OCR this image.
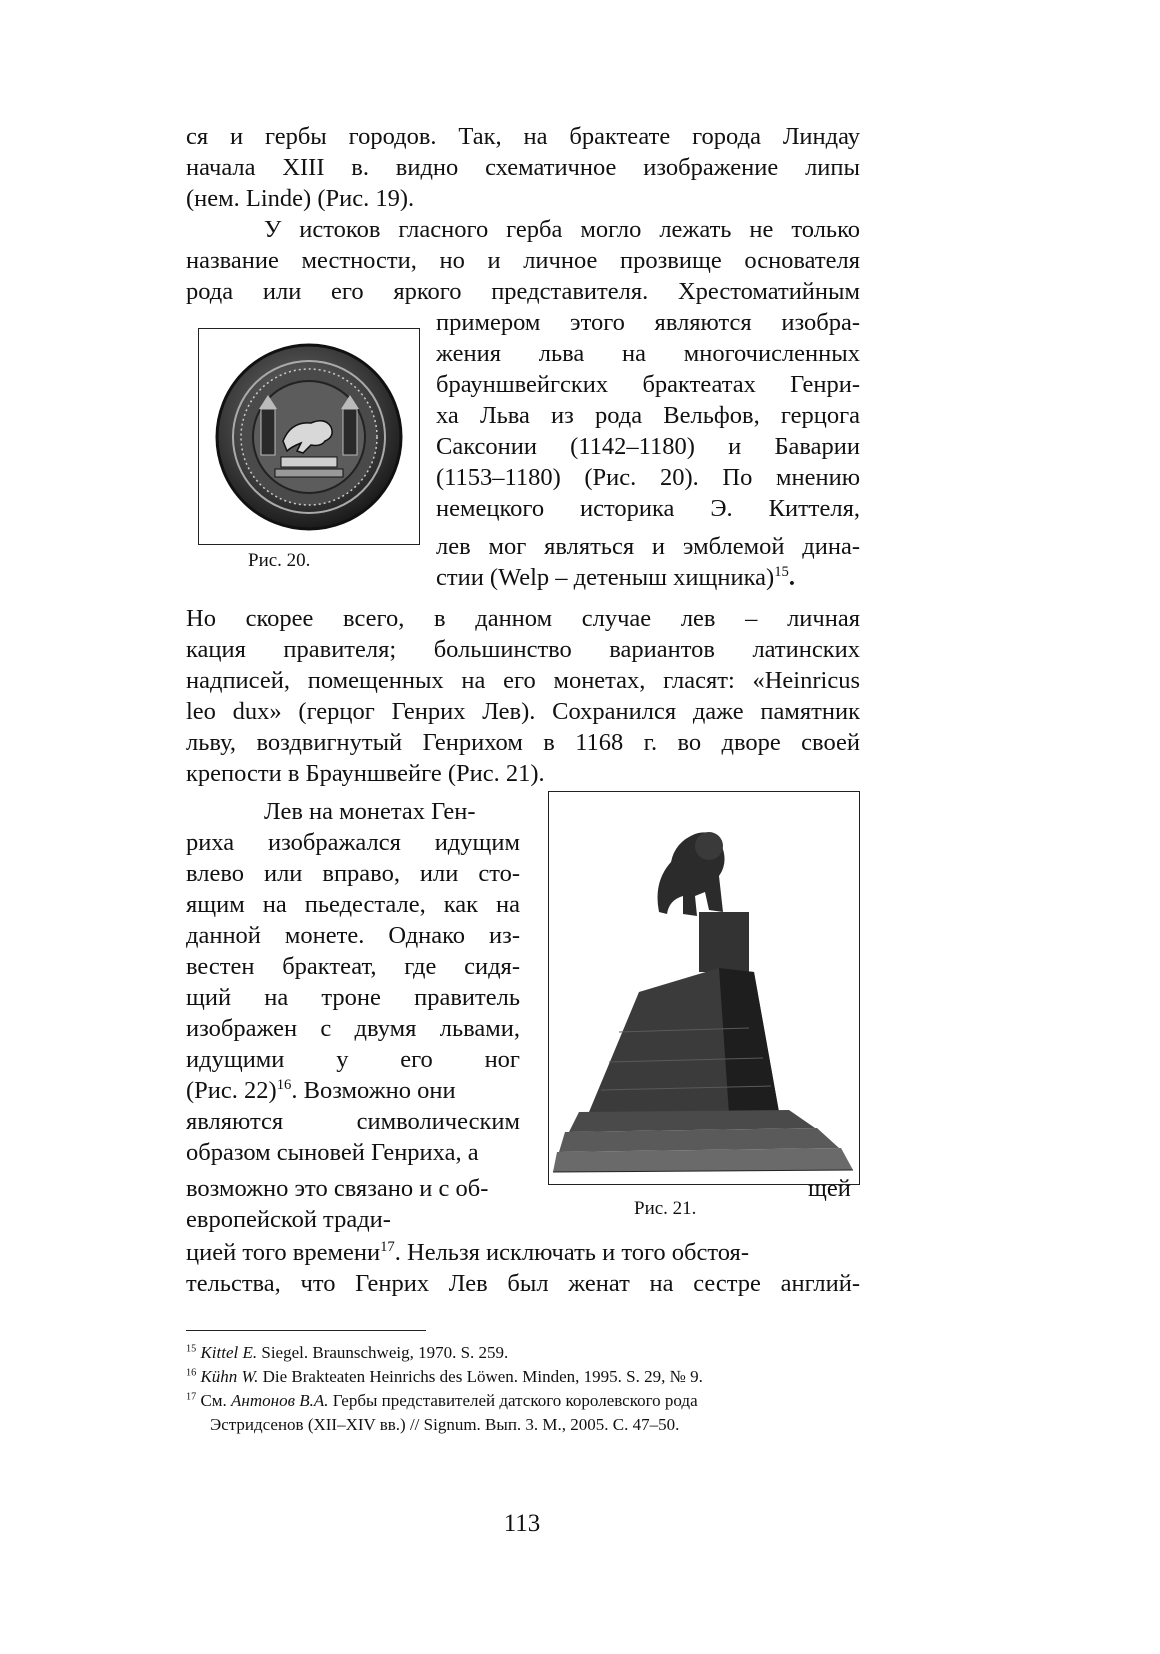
ся и гербы городов. Так, на брактеате города Линдау
начала XIII в. видно схематичное изображение липы
(нем. Linde) (Рис. 19).
У истоков гласного герба могло лежать не только
название местности, но и личное прозвище основателя
рода или его яркого представителя. Хрестоматийным
Рис. 20.
примером этого являются изобра-
жения льва на многочисленных
брауншвейгских брактеатах Генри-
ха Льва из рода Вельфов, герцога
Саксонии (1142–1180) и Баварии
(1153–1180) (Рис. 20). По мнению
немецкого историка Э. Киттеля,
лев мог являться и эмблемой дина-
стии (Welp – детеныш хищника)$^{15}$.
Но скорее всего, в данном случае лев – личная
кация правителя; большинство вариантов латинских
надписей, помещенных на его монетах, гласят: «Heinricus
leo dux» (герцог Генрих Лев). Сохранился даже памятник
льву, воздвигнутый Генрихом в 1168 г. во дворе своей
крепости в Брауншвейге (Рис. 21).
Лев на монетах Ген-
риха изображался идущим
влево или вправо, или сто-
ящим на пьедестале, как на
данной монете. Однако из-
вестен брактеат, где сидя-
щий на троне правитель
изображен с двумя львами,
идущими у его ног
(Рис. 22)$^{16}$. Возможно они
являются символическим
образом сыновей Генриха, а
возможно это связано и с об-	щей
Рис. 21.
европейской тради-
цией того времени$^{17}$. Нельзя исключать и того обстоя-
тельства, что Генрих Лев был женат на сестре англий-
$^{15}$ Kittel E. Siegel. Braunschweig, 1970. S. 259.
$^{16}$ Kühn W. Die Brakteaten Heinrichs des Löwen. Minden, 1995. S. 29, № 9.
$^{17}$ См. Антонов В.А. Гербы представителей датского королевского рода
Эстридсенов (XII–XIV вв.) // Signum. Вып. 3. М., 2005. С. 47–50.
113
